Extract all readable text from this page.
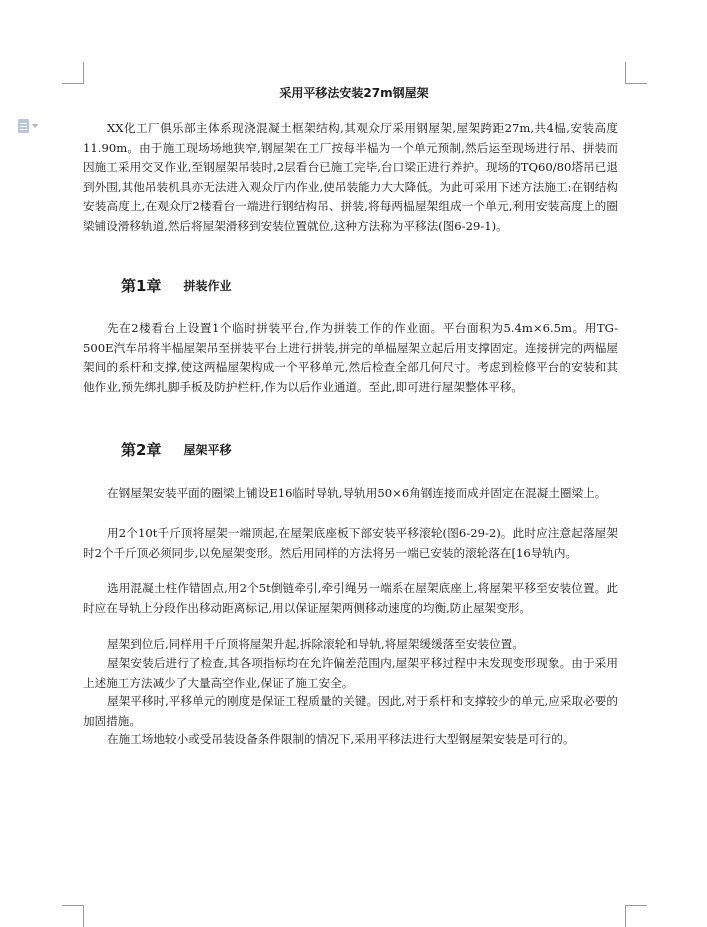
采用平移法安装27m钢屋架

XX化工厂俱乐部主体系现浇混凝土框架结构,其观众厅采用钢屋架,屋架跨距27m,共4榀,安装高度11.90m。由于施工现场场地狭窄,钢屋架在工厂按每半榀为一个单元预制,然后运至现场进行吊、拼装而因施工采用交叉作业,至钢屋架吊装时,2层看台已施工完毕,台口梁正进行养护。现场的TQ60/80塔吊已退到外围,其他吊装机具亦无法进入观众厅内作业,使吊装能力大大降低。为此可采用下述方法施工:在钢结构安装高度上,在观众厅2楼看台一端进行钢结构吊、拼装,将每两榀屋架组成一个单元,利用安装高度上的圈梁铺设滑移轨道,然后将屋架滑移到安装位置就位,这种方法称为平移法(图6-29-1)。

第1章 拼装作业

先在2楼看台上设置1个临时拼装平台,作为拼装工作的作业面。平台面积为5.4m×6.5m。用TG-500E汽车吊将半榀屋架吊至拼装平台上进行拼装,拼完的单榀屋架立起后用支撑固定。连接拼完的两榀屋架间的系杆和支撑,使这两榀屋架构成一个平移单元,然后检查全部几何尺寸。考虑到检修平台的安装和其他作业,预先绑扎脚手板及防护栏杆,作为以后作业通道。至此,即可进行屋架整体平移。

第2章 屋架平移

在钢屋架安装平面的圈梁上铺设E16临时导轨,导轨用50×6角钢连接而成并固定在混凝土圈梁上。

用2个10t千斤顶将屋架一端顶起,在屋架底座板下部安装平移滚轮(图6-29-2)。此时应注意起落屋架时2个千斤顶必须同步,以免屋架变形。然后用同样的方法将另一端已安装的滚轮落在[16导轨内。

选用混凝土柱作错固点,用2个5t倒链牵引,牵引绳另一端系在屋架底座上,将屋架平移至安装位置。此时应在导轨上分段作出移动距离标记,用以保证屋架两侧移动速度的均衡,防止屋架变形。

屋架到位后,同样用千斤顶将屋架升起,拆除滚轮和导轨,将屋架缓缓落至安装位置。

屋架安装后进行了检查,其各项指标均在允许偏差范围内,屋架平移过程中未发现变形现象。由于采用上述施工方法减少了大量高空作业,保证了施工安全。

屋架平移时,平移单元的刚度是保证工程质量的关键。因此,对于系杆和支撑较少的单元,应采取必要的加固措施。

在施工场地较小或受吊装设备条件限制的情况下,采用平移法进行大型钢屋架安装是可行的。
